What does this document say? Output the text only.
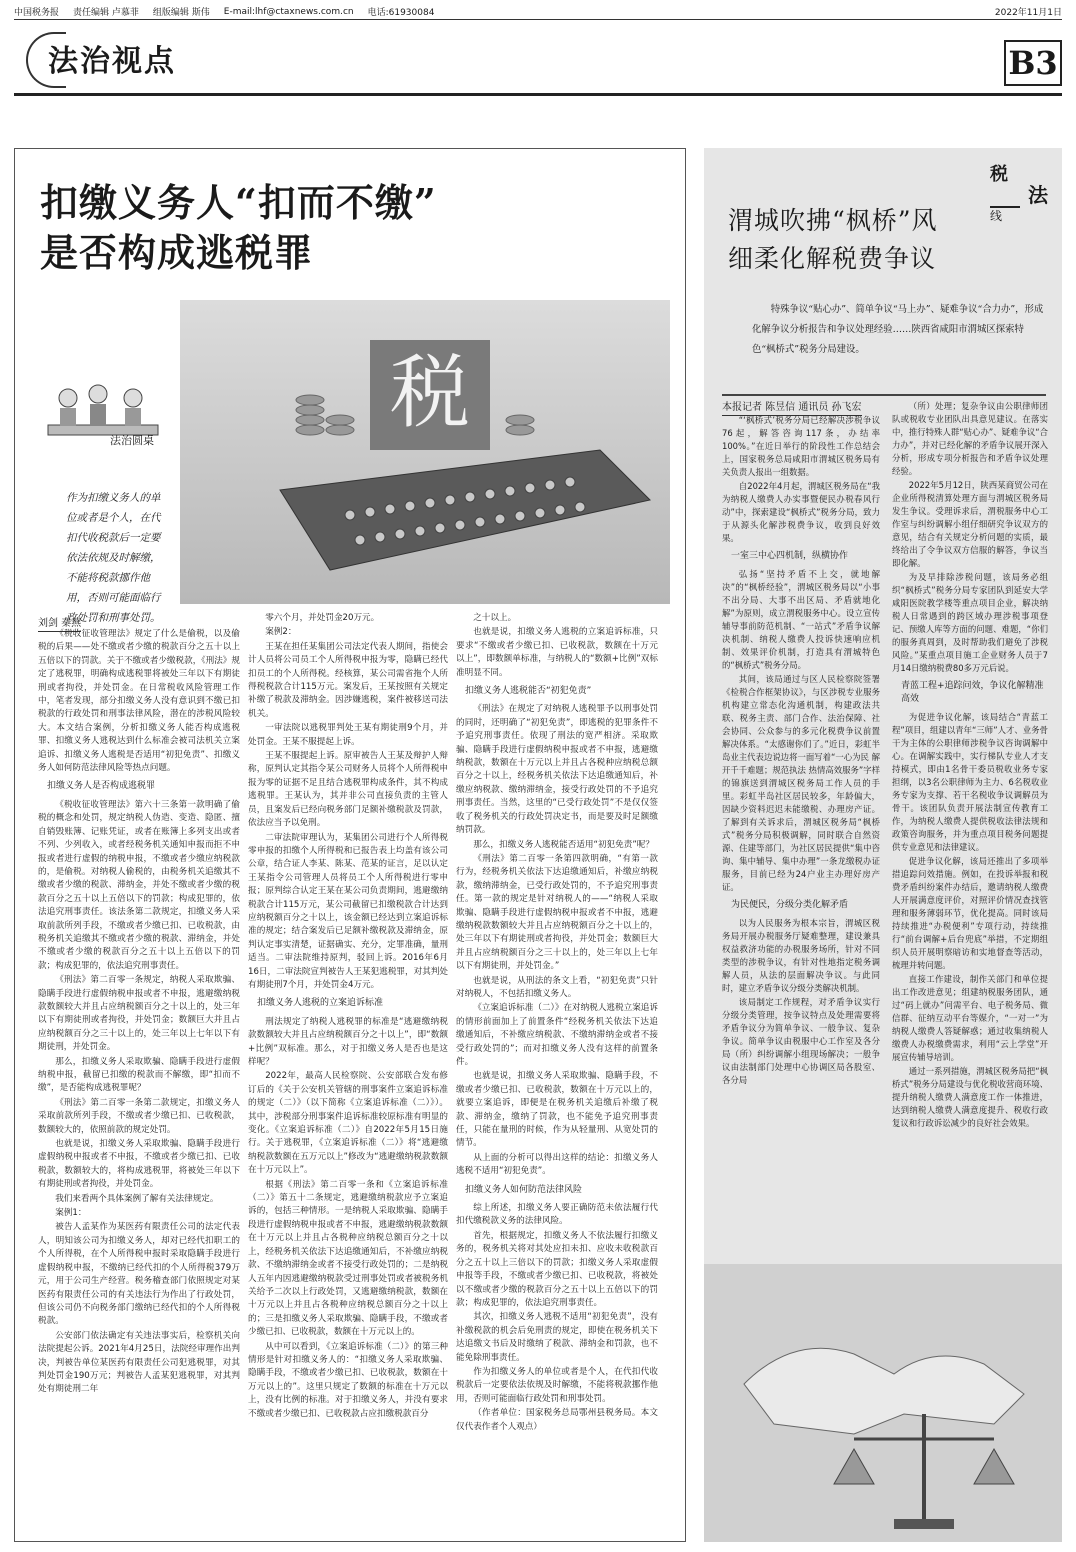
中国税务报 责任编辑 卢慕菲 组版编辑 斯伟 E-mail:lhf@ctaxnews.com.cn 电话:61930084	2022年11月1日
法治视点	B3
扣缴义务人“扣而不缴”
是否构成逃税罪
法治圆桌
作为扣缴义务人的单位或者是个人，在代扣代收税款后一定要依法依规及时解缴，不能将税款挪作他用，否则可能面临行政处罚和刑事处罚。
税
刘剑 秦燕

《税收征收管理法》规定了什么是偷税，以及偷税的后果——处不缴或者少缴的税款百分之五十以上五倍以下的罚款。关于不缴或者少缴税款，《刑法》规定了逃税罪，明确构成逃税罪将被处三年以下有期徒刑或者拘役，并处罚金。在日常税收风险管理工作中，笔者发现，部分扣缴义务人没有意识到不缴已扣税款的行政处罚和刑事法律风险，潜在的涉税风险较大。本文结合案例，分析扣缴义务人能否构成逃税罪、扣缴义务人逃税达到什么标准会被司法机关立案追诉、扣缴义务人逃税是否适用“初犯免责”、扣缴义务人如何防范法律风险等热点问题。

扣缴义务人是否构成逃税罪

《税收征收管理法》第六十三条第一款明确了偷税的概念和处罚，规定纳税人伪造、变造、隐匿、擅自销毁账簿、记账凭证，或者在账簿上多列支出或者不列、少列收入，或者经税务机关通知申报而拒不申报或者进行虚假的纳税申报，不缴或者少缴应纳税款的，是偷税。对纳税人偷税的，由税务机关追缴其不缴或者少缴的税款、滞纳金，并处不缴或者少缴的税款百分之五十以上五倍以下的罚款；构成犯罪的，依法追究刑事责任。该法条第二款规定，扣缴义务人采取前款所列手段，不缴或者少缴已扣、已收税款，由税务机关追缴其不缴或者少缴的税款、滞纳金，并处不缴或者少缴的税款百分之五十以上五倍以下的罚款；构成犯罪的，依法追究刑事责任。

《刑法》第二百零一条规定，纳税人采取欺骗、隐瞒手段进行虚假纳税申报或者不申报，逃避缴纳税款数额较大并且占应纳税额百分之十以上的，处三年以下有期徒刑或者拘役，并处罚金；数额巨大并且占应纳税额百分之三十以上的，处三年以上七年以下有期徒刑，并处罚金。

那么，扣缴义务人采取欺骗、隐瞒手段进行虚假纳税申报，截留已扣缴的税款而不解缴，即“扣而不缴”，是否能构成逃税罪呢？

《刑法》第二百零一条第二款规定，扣缴义务人采取前款所列手段，不缴或者少缴已扣、已收税款，数额较大的，依照前款的规定处罚。

也就是说，扣缴义务人采取欺骗、隐瞒手段进行虚假纳税申报或者不申报，不缴或者少缴已扣、已收税款，数额较大的，将构成逃税罪，将被处三年以下有期徒刑或者拘役，并处罚金。

我们来看两个具体案例了解有关法律规定。

案例1：

被告人孟某作为某医药有限责任公司的法定代表人，明知该公司为扣缴义务人，却对已经代扣职工的个人所得税，在个人所得税申报时采取隐瞒手段进行虚假纳税申报，不缴纳已经代扣的个人所得税379万元，用于公司生产经营。税务稽查部门依照规定对某医药有限责任公司的有关违法行为作出了行政处罚，但该公司仍不向税务部门缴纳已经代扣的个人所得税税款。

公安部门依法确定有关违法事实后，检察机关向法院提起公诉。2021年4月25日，法院经审理作出判决，判被告单位某医药有限责任公司犯逃税罪，对其判处罚金190万元；判被告人孟某犯逃税罪，对其判处有期徒刑二年

零六个月，并处罚金20万元。

案例2：

王某在担任某集团公司法定代表人期间，指使会计人员将公司员工个人所得税申报为零，隐瞒已经代扣员工的个人所得税。经核算，某公司需省拖个人所得税税款合计115万元。案发后，王某按照有关规定补缴了税款及滞纳金。因涉嫌逃税，案件被移送司法机关。

一审法院以逃税罪判处王某有期徒刑9个月，并处罚金。王某不服提起上诉。

王某不服提起上诉。原审被告人王某及辩护人辩称，原判认定其指令某公司财务人员将个人所得税申报为零的证据不足且结合逃税罪构成条件，其不构成逃税罪。王某认为，其并非公司直接负责的主管人员，且案发后已经向税务部门足额补缴税款及罚款，依法应当予以免刑。

二审法院审理认为，某集团公司进行个人所得税零申报的扣缴个人所得税和已报告表上均盖有该公司公章，结合证人李某、陈某、范某的证言，足以认定王某指令公司管理人员将员工个人所得税进行零申报；原判综合认定王某在某公司负责期间，逃避缴纳税款合计115万元，某公司截留已扣缴税款合计达到应纳税额百分之十以上，该金额已经达到立案追诉标准的规定；结合案发后已足额补缴税款及滞纳金，原判认定事实清楚，证据确实、充分，定罪准确，量刑适当。二审法院维持原判，驳回上诉。2016年6月16日，二审法院宣判被告人王某犯逃税罪，对其判处有期徒刑7个月，并处罚金4万元。

扣缴义务人逃税的立案追诉标准

刑法规定了纳税人逃税罪的标准是“逃避缴纳税款数额较大并且占应纳税额百分之十以上”，即“数额+比例”双标准。那么，对于扣缴义务人是否也是这样呢？

2022年，最高人民检察院、公安部联合发布修订后的《关于公安机关管辖的刑事案件立案追诉标准的规定（二）》（以下简称《立案追诉标准（二）》）。其中，涉税部分刑事案件追诉标准较原标准有明显的变化。《立案追诉标准（二）》自2022年5月15日施行。关于逃税罪，《立案追诉标准（二）》将“逃避缴纳税款数额在五万元以上”修改为“逃避缴纳税款数额在十万元以上”。

根据《刑法》第二百零一条和《立案追诉标准（二）》第五十二条规定，逃避缴纳税款应予立案追诉的，包括三种情形。一是纳税人采取欺骗、隐瞒手段进行虚假纳税申报或者不申报，逃避缴纳税款数额在十万元以上并且占各税种应纳税总额百分之十以上，经税务机关依法下达追缴通知后，不补缴应纳税款、不缴纳滞纳金或者不接受行政处罚的；二是纳税人五年内因逃避缴纳税款受过刑事处罚或者被税务机关给予二次以上行政处罚，又逃避缴纳税款，数额在十万元以上并且占各税种应纳税总额百分之十以上的；三是扣缴义务人采取欺骗、隐瞒手段，不缴或者少缴已扣、已收税款，数额在十万元以上的。

从中可以看到，《立案追诉标准（二）》的第三种情形是针对扣缴义务人的：“扣缴义务人采取欺骗、隐瞒手段，不缴或者少缴已扣、已收税款，数额在十万元以上的”。这里只规定了数额的标准在十万元以上，没有比例的标准。对于扣缴义务人，并没有要求不缴或者少缴已扣、已收税款占应扣缴税款百分

之十以上。

也就是说，扣缴义务人逃税的立案追诉标准，只要求“不缴或者少缴已扣、已收税款，数额在十万元以上”，即数额单标准，与纳税人的“数额+比例”双标准明显不同。

扣缴义务人逃税能否“初犯免责”

《刑法》在规定了对纳税人逃税罪予以刑事处罚的同时，还明确了“初犯免责”，即逃税的犯罪条件不予追究刑事责任。依现了刑法的宽严相济。采取欺骗、隐瞒手段进行虚假纳税申报或者不申报，逃避缴纳税款，数额在十万元以上并且占各税种应纳税总额百分之十以上，经税务机关依法下达追缴通知后，补缴应纳税款、缴纳滞纳金，接受行政处罚的不予追究刑事责任。当然，这里的“已受行政处罚”不是仅仅签收了税务机关的行政处罚决定书，而是要及时足额缴纳罚款。

那么，扣缴义务人逃税能否适用“初犯免责”呢？

《刑法》第二百零一条第四款明确，“有第一款行为，经税务机关依法下达追缴通知后，补缴应纳税款，缴纳滞纳金，已受行政处罚的，不予追究刑事责任。第一款的规定是针对纳税人的——“纳税人采取欺骗、隐瞒手段进行虚假纳税申报或者不申报，逃避缴纳税款数额较大并且占应纳税额百分之十以上的，处三年以下有期徒刑或者拘役，并处罚金；数额巨大并且占应纳税额百分之三十以上的，处三年以上七年以下有期徒刑，并处罚金。”

也就是说，从刑法的条文上看，“初犯免责”只针对纳税人，不包括扣缴义务人。

《立案追诉标准（二）》在对纳税人逃税立案追诉的情形前面加上了前置条件“经税务机关依法下达追缴通知后，不补缴应纳税款、不缴纳滞纳金或者不接受行政处罚的”；而对扣缴义务人没有这样的前置条件。

也就是说，扣缴义务人采取欺骗、隐瞒手段，不缴或者少缴已扣、已收税款，数额在十万元以上的，就要立案追诉，即便是在税务机关追缴后补缴了税款、滞纳金，缴纳了罚款，也不能免予追究刑事责任，只能在量刑的时候，作为从轻量刑、从宽处罚的情节。

从上面的分析可以得出这样的结论：扣缴义务人逃税不适用“初犯免责”。

扣缴义务人如何防范法律风险

综上所述，扣缴义务人要正确防范未依法履行代扣代缴税款义务的法律风险。

首先，根据规定，扣缴义务人不依法履行扣缴义务的，税务机关将对其处应扣未扣、应收未收税款百分之五十以上三倍以下的罚款；扣缴义务人采取虚假申报等手段，不缴或者少缴已扣、已收税款，将被处以不缴或者少缴的税款百分之五十以上五倍以下的罚款；构成犯罪的，依法追究刑事责任。

其次，扣缴义务人逃税不适用“初犯免责”，没有补缴税款的机会后免刑责的规定，即使在税务机关下达追缴文书后及时缴纳了税款、滞纳金和罚款，也不能免除刑事责任。

作为扣缴义务人的单位或者是个人，在代扣代收税款后一定要依法依规及时解缴，不能将税款挪作他用，否则可能面临行政处罚和刑事处罚。

（作者单位：国家税务总局鄂州县税务局。本文仅代表作者个人观点）

税
法
线
渭城吹拂“枫桥”风
细柔化解税费争议
特殊争议“贴心办”、简单争议“马上办”、疑难争议“合力办”，形成化解争议分析报告和争议处理经验……陕西省咸阳市渭城区探索特色“枫桥式”税务分局建设。
本报记者 陈昱信 通讯员 孙飞宏

“‘枫桥式’税务分局已经解决涉税争议76起，解答咨询117条，办结率100%。”在近日举行的阶段性工作总结会上，国家税务总局咸阳市渭城区税务局有关负责人报出一组数据。

自2022年4月起，渭城区税务局在“我为纳税人缴费人办实事暨便民办税春风行动”中，探索建设“枫桥式”税务分局，致力于从源头化解涉税费争议，收到良好效果。

一室三中心四机制，纵横协作

弘扬“坚持矛盾不上交，就地解决”的“枫桥经验”，渭城区税务局以“小事不出分局、大事不出区局、矛盾就地化解”为原则，成立渭税服务中心。设立宣传辅导事前防范机制、“一站式”矛盾争议解决机制、纳税人缴费人投诉快速响应机制、效果评价机制，打造具有渭城特色的“枫桥式”税务分局。

其间，该局通过与区人民检察院签署《检税合作框架协议》，与区涉税专业服务机构建立常态化沟通机制，构建政法共联、税务主责、部门合作、法治保障、社会协同、公众参与的多元化税费争议前置解决体系。“太感谢你们了。”近日，彩虹半岛业主代表边说边将一面写着“一心为民 解开千千难题；规范执法 热情高效服务”字样的锦旗送到渭城区税务局工作人员的手里。彩虹半岛社区居民较多，年龄偏大，因缺少资料迟迟未能缴税、办理房产证。了解到有关诉求后，渭城区税务局“枫桥式”税务分局积极调解，同时联合自然资源、住建等部门，为社区居民提供“集中咨询、集中辅导、集中办理”一条龙缴税办证服务，目前已经为24户业主办理好房产证。

为民便民，分级分类化解矛盾

以为人民服务为根本宗旨，渭城区税务局开展办税服务厅疑难整理，建设兼具权益救济功能的办税服务场所，针对不同类型的涉税争议，有针对性地指定税务调解人员，从法的层面解决争议。与此同时，建立矛盾争议分级分类解决机制。

该局制定工作规程，对矛盾争议实行分级分类管理，按争议特点及处理需要将矛盾争议分为简单争议、一般争议、复杂争议。简单争议由税服中心工作室及各分局（所）纠纷调解小组现场解决；一般争议由法制部门处理中心协调区局各股室、各分局

（所）处理；复杂争议由公职律师团队或税收专业团队出具意见建议。在落实中，推行特殊人群“贴心办”、疑难争议“合力办”，并对已经化解的矛盾争议展开深入分析，形成专项分析报告和矛盾争议处理经验。

2022年5月12日，陕西某商贸公司在企业所得税清算处理方面与渭城区税务局发生争议。受理诉求后，渭税服务中心工作室与纠纷调解小组仔细研究争议双方的意见，结合有关规定分析问题的实质，最终给出了令争议双方信服的解答，争议当即化解。

为及早排除涉税问题，该局务必组织“枫桥式”税务分局专家团队到延安大学咸阳医院教学楼等重点项目企业，解决纳税人日常遇到的跨区域办理涉税事项登记、预缴人库等方面的问题、难题，“你们的服务真周到，及时帮助我们避免了涉税风险。”某重点项目施工企业财务人员于7月14日缴纳税费80多万元后说。

青蓝工程+追踪问效，争议化解精准高效

为促进争议化解，该局结合“青蓝工程”项目，组建以青年“三师”人才、业务骨干为主体的公职律师涉税争议咨询调解中心。在调解实践中，实行梯队专业人才支持模式，即由1名骨干委员税收业务专家担纲，以3名公职律师为主力、6名税收业务专家为支撑、若干名税收争议调解员为骨干。该团队负责开展法制宣传教育工作，为纳税人缴费人提供税收法律法规和政策咨询服务，并为重点项目税务问题提供专业意见和法律建议。

促进争议化解，该局还推出了多项举措追踪问效措施。例如，在投诉举报和税费矛盾纠纷案件办结后，邀请纳税人缴费人开展满意度评价，对照评价情况查找管理和服务薄弱环节，优化提高。同时该局持续推进“办税便利”专项行动，持续推行“前台调解+后台兜底”举措，不定期组织人员开展明察暗访和实地督查等活动，梳理并转问题。

直接工作建设，制作关部门和单位提出工作改进意见；组建纳税服务团队，通过“码上就办”问需平台、电子税务局、微信群、征纳互动平台等媒介，“一对一”为纳税人缴费人答疑解惑；通过收集纳税人缴费人办税缴费需求，利用“云上学堂”开展宣传辅导培训。

通过一系列措施，渭城区税务局把“枫桥式”税务分局建设与优化税收营商环境、提升纳税人缴费人满意度工作一体推进，达到纳税人缴费人满意度提升、税收行政复议和行政诉讼减少的良好社会效果。
